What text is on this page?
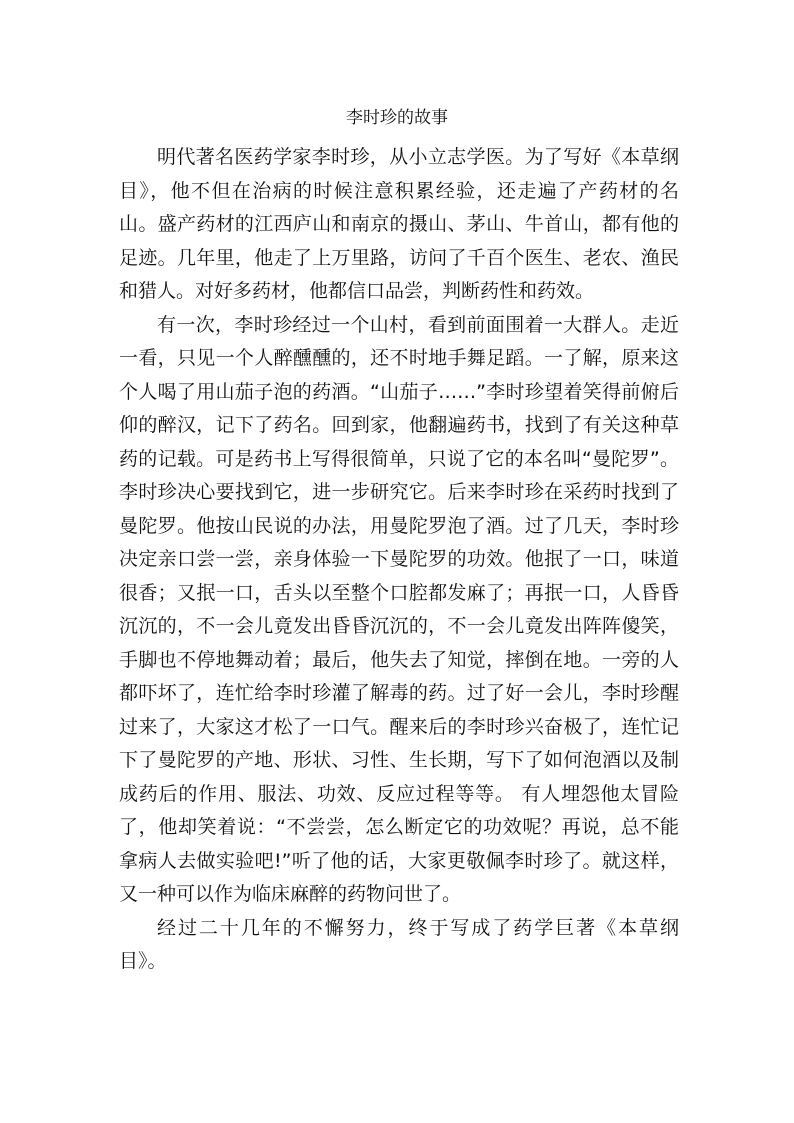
李时珍的故事

明代著名医药学家李时珍，从小立志学医。为了写好《本草纲目》，他不但在治病的时候注意积累经验，还走遍了产药材的名山。盛产药材的江西庐山和南京的摄山、茅山、牛首山，都有他的足迹。几年里，他走了上万里路，访问了千百个医生、老农、渔民和猎人。对好多药材，他都信口品尝，判断药性和药效。

有一次，李时珍经过一个山村，看到前面围着一大群人。走近一看，只见一个人醉醺醺的，还不时地手舞足蹈。一了解，原来这个人喝了用山茄子泡的药酒。“山茄子……”李时珍望着笑得前俯后仰的醉汉，记下了药名。回到家，他翻遍药书，找到了有关这种草药的记载。可是药书上写得很简单，只说了它的本名叫“曼陀罗”。李时珍决心要找到它，进一步研究它。后来李时珍在采药时找到了曼陀罗。他按山民说的办法，用曼陀罗泡了酒。过了几天，李时珍决定亲口尝一尝，亲身体验一下曼陀罗的功效。他抿了一口，味道很香；又抿一口，舌头以至整个口腔都发麻了；再抿一口，人昏昏沉沉的，不一会儿竟发出昏昏沉沉的，不一会儿竟发出阵阵傻笑，手脚也不停地舞动着；最后，他失去了知觉，摔倒在地。一旁的人都吓坏了，连忙给李时珍灌了解毒的药。过了好一会儿，李时珍醒过来了，大家这才松了一口气。醒来后的李时珍兴奋极了，连忙记下了曼陀罗的产地、形状、习性、生长期，写下了如何泡酒以及制成药后的作用、服法、功效、反应过程等等。 有人埋怨他太冒险了，他却笑着说：“不尝尝，怎么断定它的功效呢？再说，总不能拿病人去做实验吧!”听了他的话，大家更敬佩李时珍了。就这样，又一种可以作为临床麻醉的药物问世了。

经过二十几年的不懈努力，终于写成了药学巨著《本草纲目》。
